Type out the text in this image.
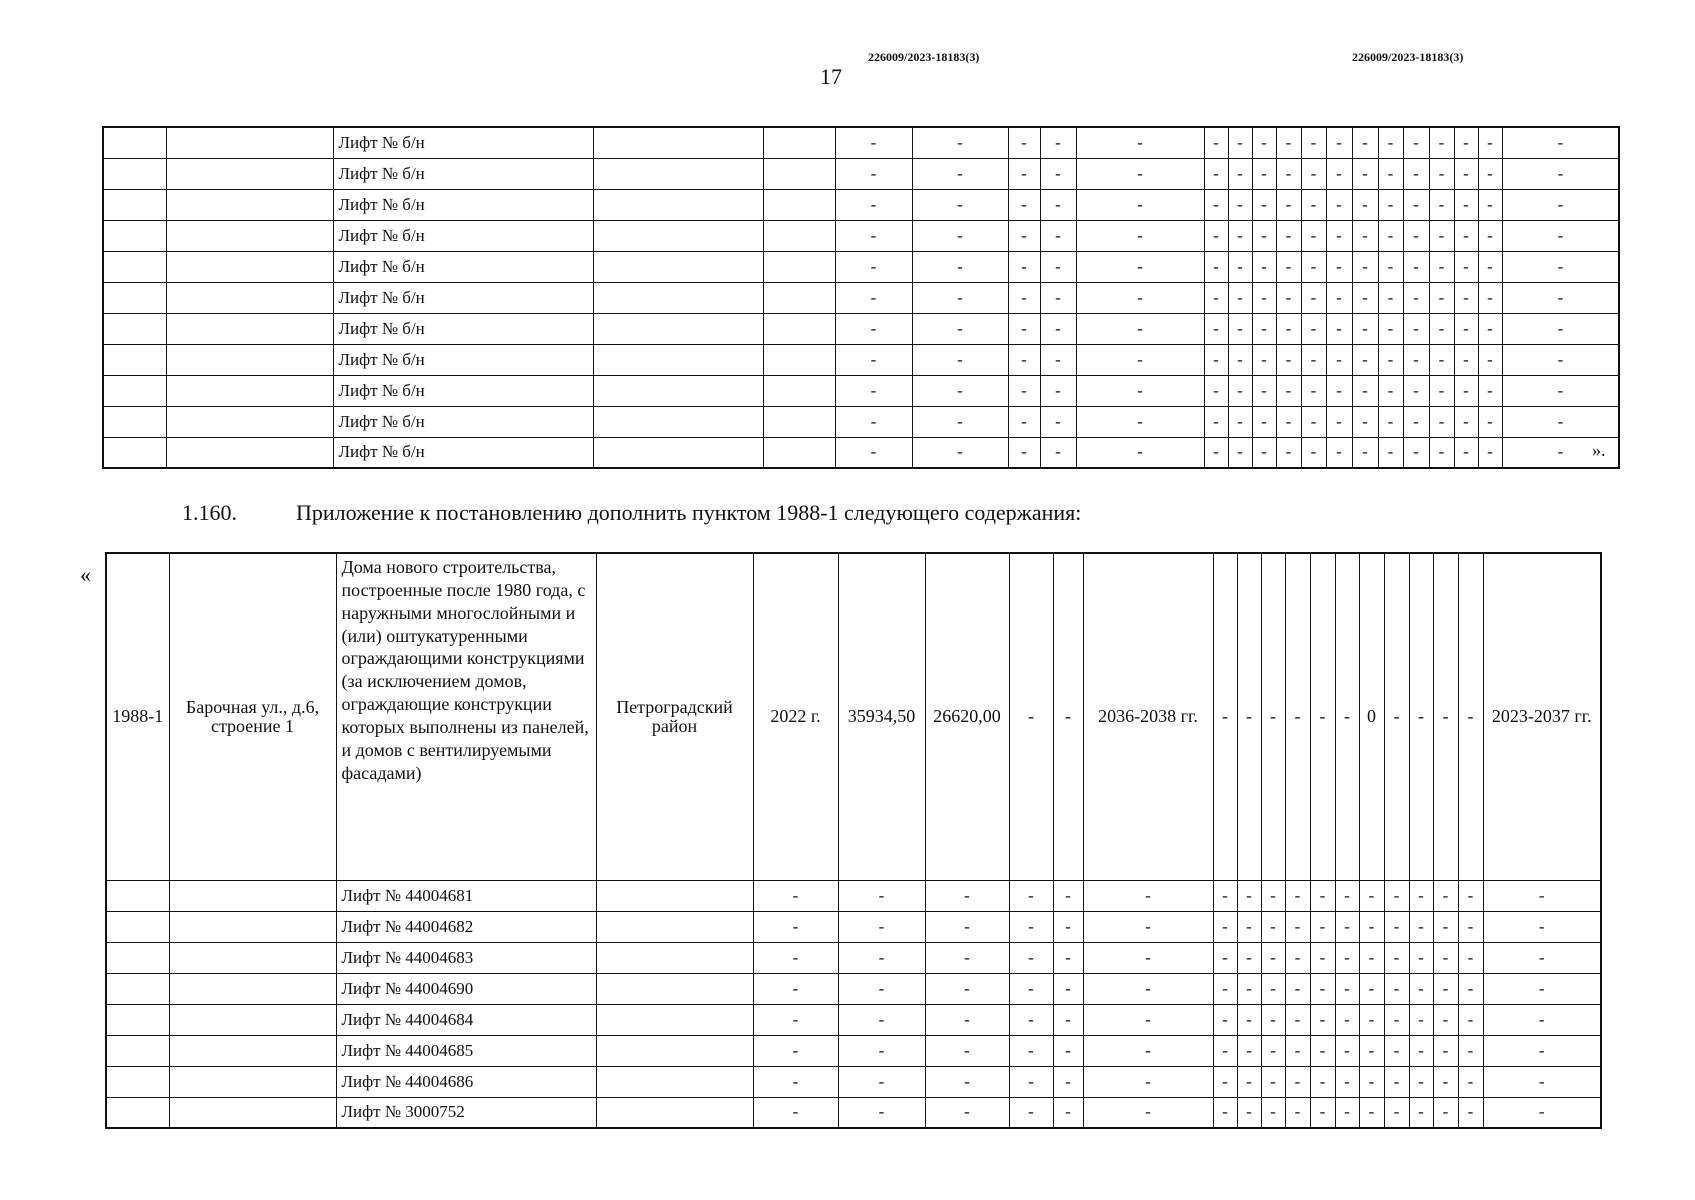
17
226009/2023-18183(3)	226009/2023-18183(3)
		Лифт № б/н			-	-	-	-	-	-	-	-	-	-	-	-	-	-	-	-	-	-	
		Лифт № б/н			-	-	-	-	-	-	-	-	-	-	-	-	-	-	-	-	-	-	
		Лифт № б/н			-	-	-	-	-	-	-	-	-	-	-	-	-	-	-	-	-	-	
		Лифт № б/н			-	-	-	-	-	-	-	-	-	-	-	-	-	-	-	-	-	-	
		Лифт № б/н			-	-	-	-	-	-	-	-	-	-	-	-	-	-	-	-	-	-	
		Лифт № б/н			-	-	-	-	-	-	-	-	-	-	-	-	-	-	-	-	-	-	
		Лифт № б/н			-	-	-	-	-	-	-	-	-	-	-	-	-	-	-	-	-	-	
		Лифт № б/н			-	-	-	-	-	-	-	-	-	-	-	-	-	-	-	-	-	-	
		Лифт № б/н			-	-	-	-	-	-	-	-	-	-	-	-	-	-	-	-	-	-	
		Лифт № б/н			-	-	-	-	-	-	-	-	-	-	-	-	-	-	-	-	-	-	
		Лифт № б/н			-	-	-	-	-	-	-	-	-	-	-	-	-	-	-	-	-	-	».
1.160.	Приложение к постановлению дополнить пунктом 1988-1 следующего содержания:
«
1988-1	Барочная ул., д.6, строение 1	Дома нового строительства, построенные после 1980 года, с наружными многослойными и (или) оштукатуренными ограждающими конструкциями (за исключением домов, ограждающие конструкции которых выполнены из панелей, и домов с вентилируемыми фасадами)	Петроградский район	2022 г.	35934,50	26620,00	-	-	2036-2038 гг.	-	-	-	-	-	-	0	-	-	-	-	2023-2037 гг.
		Лифт № 44004681		-	-	-	-	-	-	-	-	-	-	-	-	-	-	-	-	-	-
		Лифт № 44004682		-	-	-	-	-	-	-	-	-	-	-	-	-	-	-	-	-	-
		Лифт № 44004683		-	-	-	-	-	-	-	-	-	-	-	-	-	-	-	-	-	-
		Лифт № 44004690		-	-	-	-	-	-	-	-	-	-	-	-	-	-	-	-	-	-
		Лифт № 44004684		-	-	-	-	-	-	-	-	-	-	-	-	-	-	-	-	-	-
		Лифт № 44004685		-	-	-	-	-	-	-	-	-	-	-	-	-	-	-	-	-	-
		Лифт № 44004686		-	-	-	-	-	-	-	-	-	-	-	-	-	-	-	-	-	-
		Лифт № 3000752		-	-	-	-	-	-	-	-	-	-	-	-	-	-	-	-	-	-
